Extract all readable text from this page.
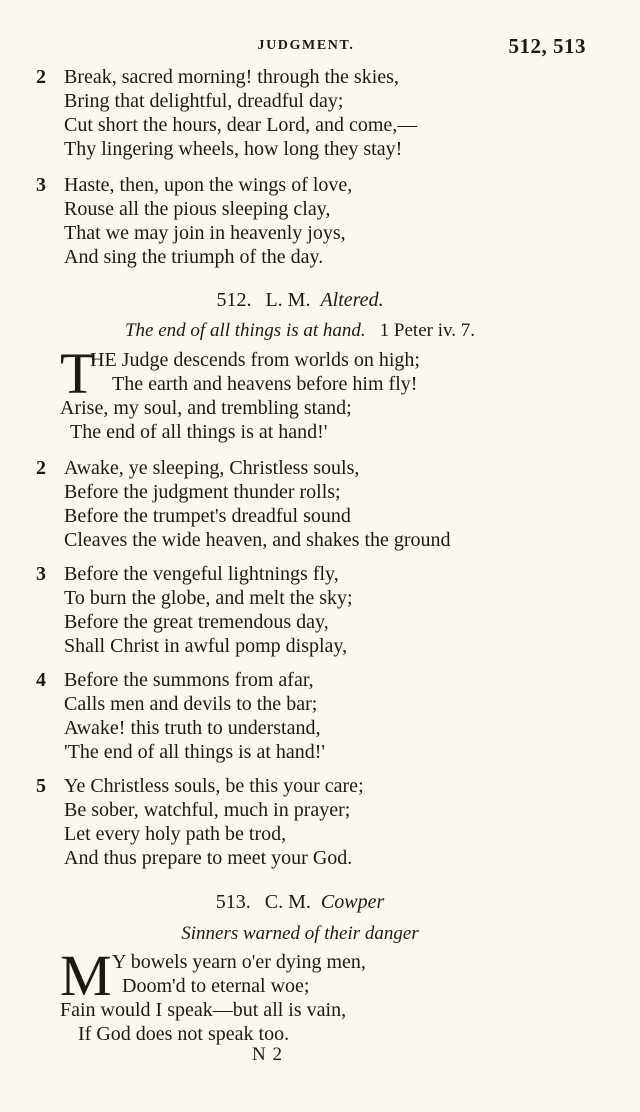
JUDGMENT.	512, 513
2 Break, sacred morning! through the skies,
Bring that delightful, dreadful day;
Cut short the hours, dear Lord, and come,—
Thy lingering wheels, how long they stay!
3 Haste, then, upon the wings of love,
Rouse all the pious sleeping clay,
That we may join in heavenly joys,
And sing the triumph of the day.
512. L. M. Altered.
The end of all things is at hand. 1 Peter iv. 7.
T
HE Judge descends from worlds on high;
The earth and heavens before him fly!
Arise, my soul, and trembling stand;
The end of all things is at hand!'
2 Awake, ye sleeping, Christless souls,
Before the judgment thunder rolls;
Before the trumpet's dreadful sound
Cleaves the wide heaven, and shakes the ground
3 Before the vengeful lightnings fly,
To burn the globe, and melt the sky;
Before the great tremendous day,
Shall Christ in awful pomp display,
4 Before the summons from afar,
Calls men and devils to the bar;
Awake! this truth to understand,
'The end of all things is at hand!'
5 Ye Christless souls, be this your care;
Be sober, watchful, much in prayer;
Let every holy path be trod,
And thus prepare to meet your God.
513. C. M. Cowper
Sinners warned of their danger
M Y bowels yearn o'er dying men,
Doom'd to eternal woe;
Fain would I speak—but all is vain,
If God does not speak too.
N 2
